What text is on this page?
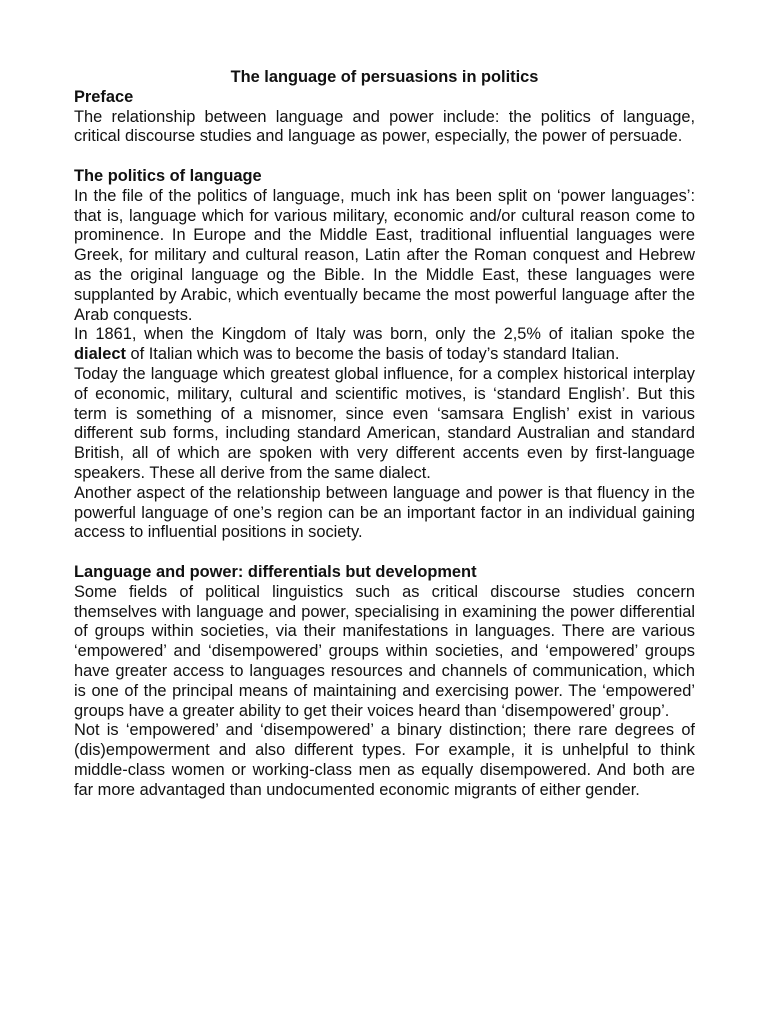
The language of persuasions in politics

Preface

The relationship between language and power include: the politics of language, critical discourse studies and language as power, especially, the power of persuade.

The politics of language

In the file of the politics of language, much ink has been split on ‘power languages’: that is, language which for various military, economic and/or cultural reason come to prominence. In Europe and the Middle East, traditional influential languages were Greek, for military and cultural reason, Latin after the Roman conquest and Hebrew as the original language og the Bible. In the Middle East, these languages were supplanted by Arabic, which eventually became the most powerful language after the Arab conquests.

In 1861, when the Kingdom of Italy was born, only the 2,5% of italian spoke the dialect of Italian which was to become the basis of today’s standard Italian.

Today the language which greatest global influence, for a complex historical interplay of economic, military, cultural and scientific motives, is ‘standard English’. But this term is something of a misnomer, since even ‘samsara English’ exist in various different sub forms, including standard American, standard Australian and standard British, all of which are spoken with very different accents even by first-language speakers. These all derive from the same dialect.

Another aspect of the relationship between language and power is that fluency in the powerful language of one’s region can be an important factor in an individual gaining access to influential positions in society.

Language and power: differentials but development

Some fields of political linguistics such as critical discourse studies concern themselves with language and power, specialising in examining the power differential of groups within societies, via their manifestations in languages. There are various ‘empowered’ and ‘disempowered’ groups within societies, and ‘empowered’ groups have greater access to languages resources and channels of communication, which is one of the principal means of maintaining and exercising power. The ‘empowered’ groups have a greater ability to get their voices heard than ‘disempowered’ group’.

Not is ‘empowered’ and ‘disempowered’ a binary distinction; there rare degrees of (dis)empowerment and also different types. For example, it is unhelpful to think middle-class women or working-class men as equally disempowered. And both are far more advantaged than undocumented economic migrants of either gender.
